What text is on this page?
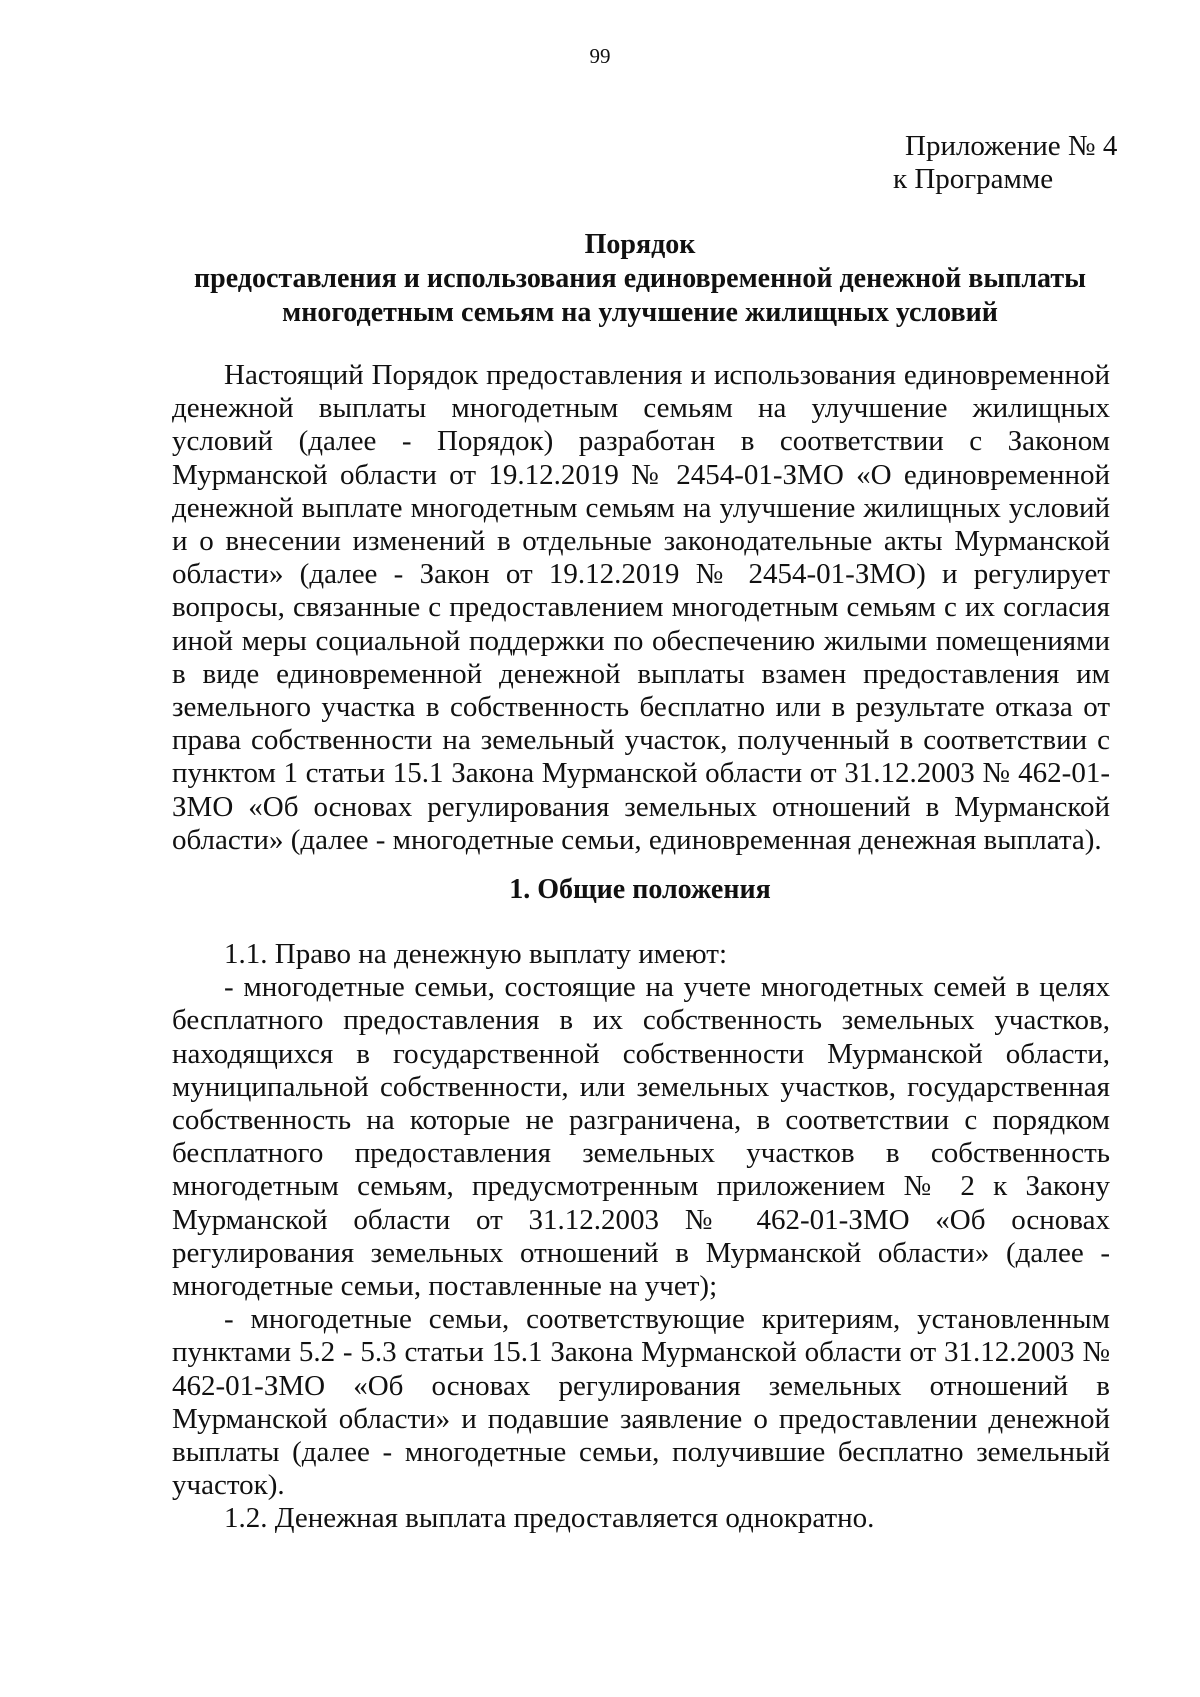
99
Приложение № 4
к Программе
Порядок
предоставления и использования единовременной денежной выплаты
многодетным семьям на улучшение жилищных условий

Настоящий Порядок предоставления и использования единовременной денежной выплаты многодетным семьям на улучшение жилищных условий (далее - Порядок) разработан в соответствии с Законом Мурманской области от 19.12.2019 № 2454-01-ЗМО «О единовременной денежной выплате многодетным семьям на улучшение жилищных условий и о внесении изменений в отдельные законодательные акты Мурманской области» (далее - Закон от 19.12.2019 № 2454-01-ЗМО) и регулирует вопросы, связанные с предоставлением многодетным семьям с их согласия иной меры социальной поддержки по обеспечению жилыми помещениями в виде единовременной денежной выплаты взамен предоставления им земельного участка в собственность бесплатно или в результате отказа от права собственности на земельный участок, полученный в соответствии с пунктом 1 статьи 15.1 Закона Мурманской области от 31.12.2003 № 462-01-ЗМО «Об основах регулирования земельных отношений в Мурманской области» (далее - многодетные семьи, единовременная денежная выплата).

1. Общие положения

1.1. Право на денежную выплату имеют:

- многодетные семьи, состоящие на учете многодетных семей в целях бесплатного предоставления в их собственность земельных участков, находящихся в государственной собственности Мурманской области, муниципальной собственности, или земельных участков, государственная собственность на которые не разграничена, в соответствии с порядком бесплатного предоставления земельных участков в собственность многодетным семьям, предусмотренным приложением № 2 к Закону Мурманской области от 31.12.2003 № 462-01-ЗМО «Об основах регулирования земельных отношений в Мурманской области» (далее - многодетные семьи, поставленные на учет);

- многодетные семьи, соответствующие критериям, установленным пунктами 5.2 - 5.3 статьи 15.1 Закона Мурманской области от 31.12.2003 № 462-01-ЗМО «Об основах регулирования земельных отношений в Мурманской области» и подавшие заявление о предоставлении денежной выплаты (далее - многодетные семьи, получившие бесплатно земельный участок).

1.2. Денежная выплата предоставляется однократно.
